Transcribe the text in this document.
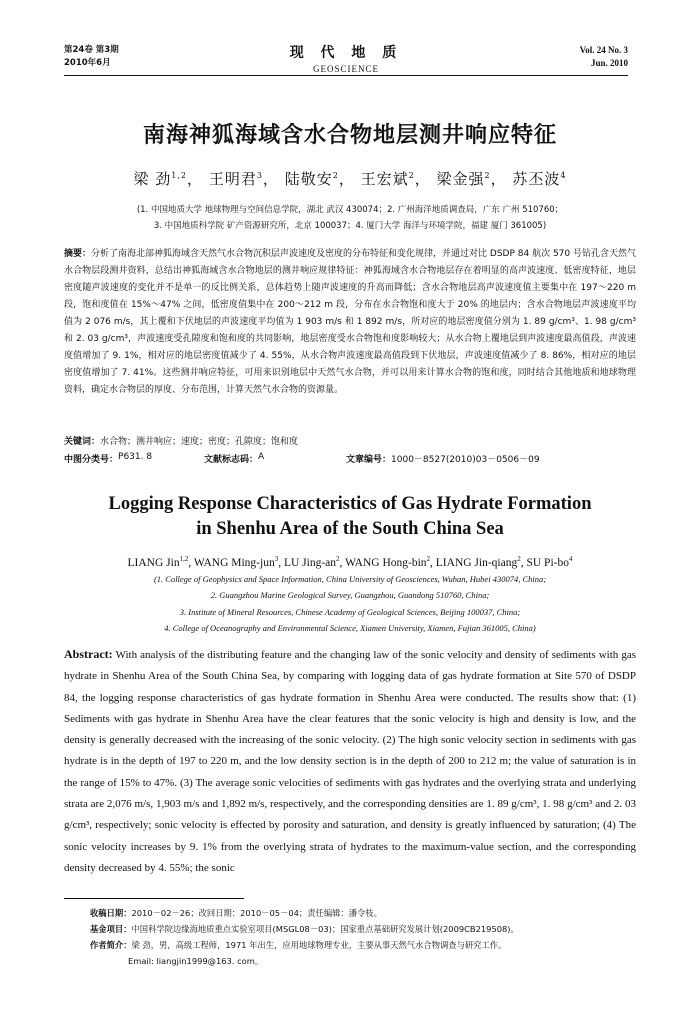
第24卷 第3期
2010年6月
现 代 地 质
GEOSCIENCE
Vol. 24 No. 3
Jun. 2010
南海神狐海域含水合物地层测井响应特征
梁 劲$^{1,2}$， 王明君$^3$， 陆敬安$^2$， 王宏斌$^2$， 梁金强$^2$， 苏丕波$^4$
(1. 中国地质大学 地球物理与空间信息学院，湖北 武汉 430074；2. 广州海洋地质调查局，广东 广州 510760；
3. 中国地质科学院 矿产资源研究所，北京 100037；4. 厦门大学 海洋与环境学院，福建 厦门 361005)
摘要：分析了南海北部神狐海域含天然气水合物沉积层声波速度及密度的分布特征和变化规律，并通过对比 DSDP 84 航次 570 号钻孔含天然气水合物层段测井资料，总结出神狐海域含水合物地层的测井响应规律特征：神狐海域含水合物地层存在着明显的高声波速度、低密度特征，地层密度随声波速度的变化并不是单一的反比例关系，总体趋势上随声波速度的升高而降低；含水合物地层高声波速度值主要集中在 197～220 m 段，饱和度值在 15%～47% 之间，低密度值集中在 200～212 m 段，分布在水合物饱和度大于 20% 的地层内；含水合物地层声波速度平均值为 2 076 m/s，其上覆和下伏地层的声波速度平均值为 1 903 m/s 和 1 892 m/s，所对应的地层密度值分别为 1. 89 g/cm³、1. 98 g/cm³ 和 2. 03 g/cm³，声波速度受孔隙度和饱和度的共同影响，地层密度受水合物饱和度影响较大；从水合物上覆地层到声波速度最高值段，声波速度值增加了 9. 1%，相对应的地层密度值减少了 4. 55%，从水合物声波速度最高值段到下伏地层，声波速度值减少了 8. 86%，相对应的地层密度值增加了 7. 41%。这些测井响应特征，可用来识别地层中天然气水合物，并可以用来计算水合物的饱和度，同时结合其他地质和地球物理资料，确定水合物层的厚度、分布范围，计算天然气水合物的资源量。
关键词：水合物；测井响应；速度；密度；孔隙度；饱和度
中图分类号： P631. 8	文献标志码： A	文章编号： 1000－8527(2010)03－0506－09
Logging Response Characteristics of Gas Hydrate Formation
in Shenhu Area of the South China Sea
LIANG Jin$^{1,2}$, WANG Ming-jun$^3$, LU Jing-$an^2$, WANG Hong-bin$^2$, LIANG Jin-qiang$^2$, SU $Pi-bo^4$
(1. College of Geophysics and Space Information, China University of Geosciences, Wuhan, Hubei 430074, China;
2. Guangzhou Marine Geological Survey, Guangzhou, Guandong 510760, China;
3. Institute of Mineral Resources, Chinese Academy of Geological Sciences, Beijing 100037, China;
4. College of Oceanography and Environmental Science, Xiamen University, Xiamen, Fujian 361005, China)
Abstract: With analysis of the distributing feature and the changing law of the sonic velocity and density of sediments with gas hydrate in Shenhu Area of the South China Sea, by comparing with logging data of gas hydrate formation at Site 570 of DSDP 84, the logging response characteristics of gas hydrate formation in Shenhu Area were conducted. The results show that: (1) Sediments with gas hydrate in Shenhu Area have the clear features that the sonic velocity is high and density is low, and the density is generally decreased with the increasing of the sonic velocity. (2) The high sonic velocity section in sediments with gas hydrate is in the depth of 197 to 220 m, and the low density section is in the depth of 200 to 212 m; the value of saturation is in the range of 15% to 47%. (3) The average sonic velocities of sediments with gas hydrates and the overlying strata and underlying strata are 2,076 m/s, 1,903 m/s and 1,892 m/s, respectively, and the corresponding densities are 1. 89 g/cm³, 1. 98 g/cm³ and 2. 03 g/cm³, respectively; sonic velocity is effected by porosity and saturation, and density is greatly influenced by saturation; (4) The sonic velocity increases by 9. 1% from the overlying strata of hydrates to the maximum-value section, and the corresponding density decreased by 4. 55%; the sonic
收稿日期：2010－02－26；改回日期：2010－05－04；责任编辑：潘令枝。
基金项目：中国科学院边缘海地质重点实验室项目(MSGL08－03)；国家重点基础研究发展计划(2009CB219508)。
作者简介：梁 劲，男，高级工程师，1971 年出生，应用地球物理专业，主要从事天然气水合物调查与研究工作。
Email: liangjin1999@163. com。
